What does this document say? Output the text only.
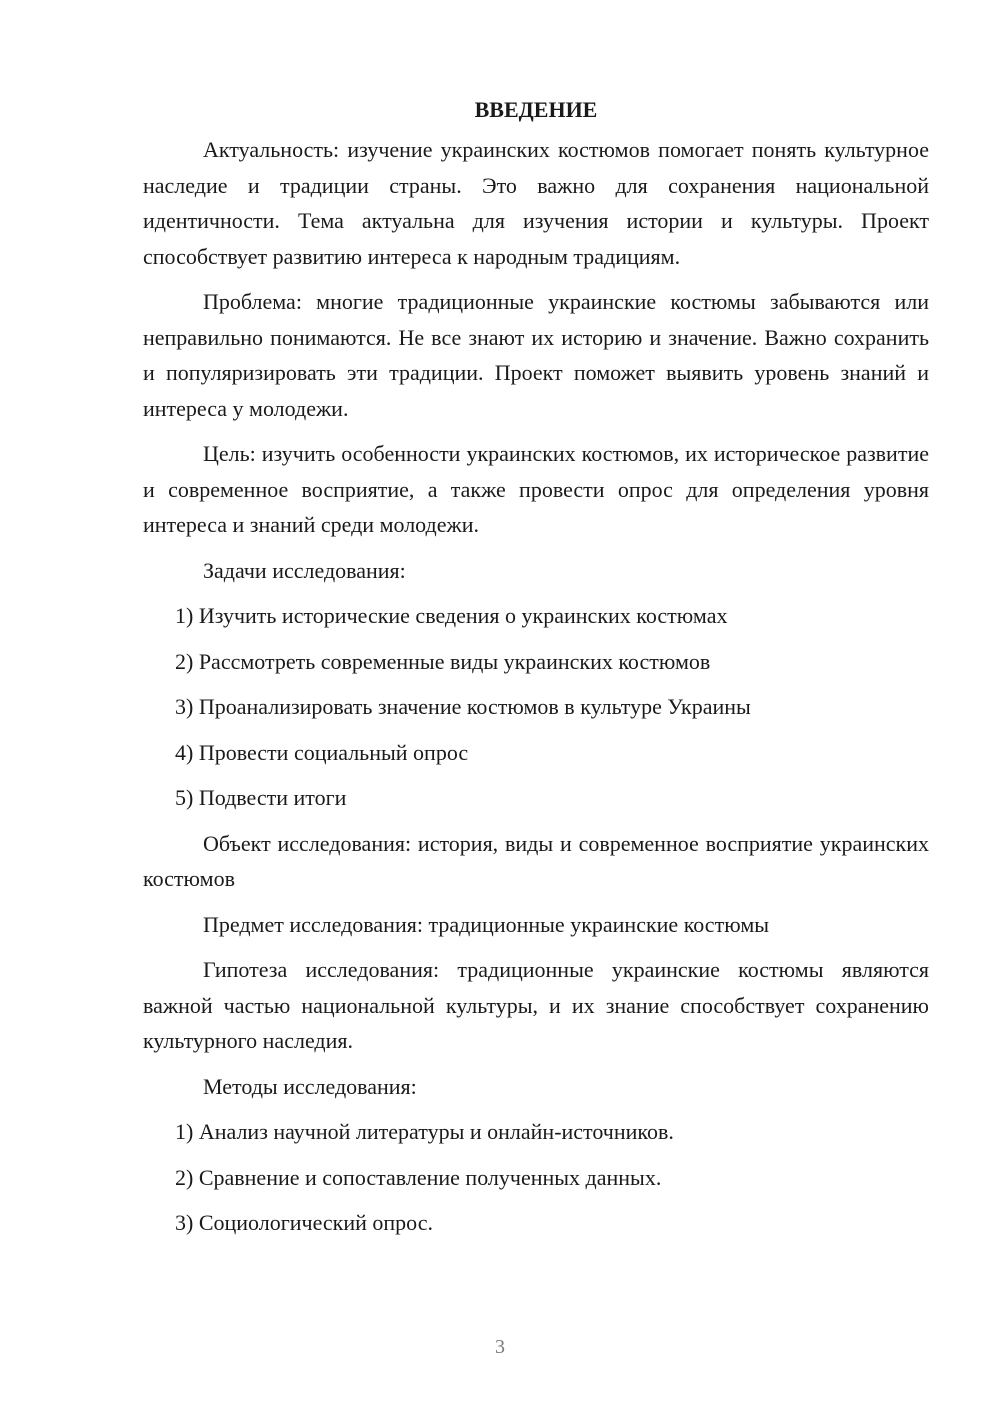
ВВЕДЕНИЕ

Актуальность: изучение украинских костюмов помогает понять культурное наследие и традиции страны. Это важно для сохранения национальной идентичности. Тема актуальна для изучения истории и культуры. Проект способствует развитию интереса к народным традициям.

Проблема: многие традиционные украинские костюмы забываются или неправильно понимаются. Не все знают их историю и значение. Важно сохранить и популяризировать эти традиции. Проект поможет выявить уровень знаний и интереса у молодежи.

Цель: изучить особенности украинских костюмов, их историческое развитие и современное восприятие, а также провести опрос для определения уровня интереса и знаний среди молодежи.

Задачи исследования:

1) Изучить исторические сведения о украинских костюмах
2) Рассмотреть современные виды украинских костюмов
3) Проанализировать значение костюмов в культуре Украины
4) Провести социальный опрос
5) Подвести итоги

Объект исследования: история, виды и современное восприятие украинских костюмов

Предмет исследования: традиционные украинские костюмы

Гипотеза исследования: традиционные украинские костюмы являются важной частью национальной культуры, и их знание способствует сохранению культурного наследия.

Методы исследования:

1) Анализ научной литературы и онлайн-источников.
2) Сравнение и сопоставление полученных данных.
3) Социологический опрос.
3
